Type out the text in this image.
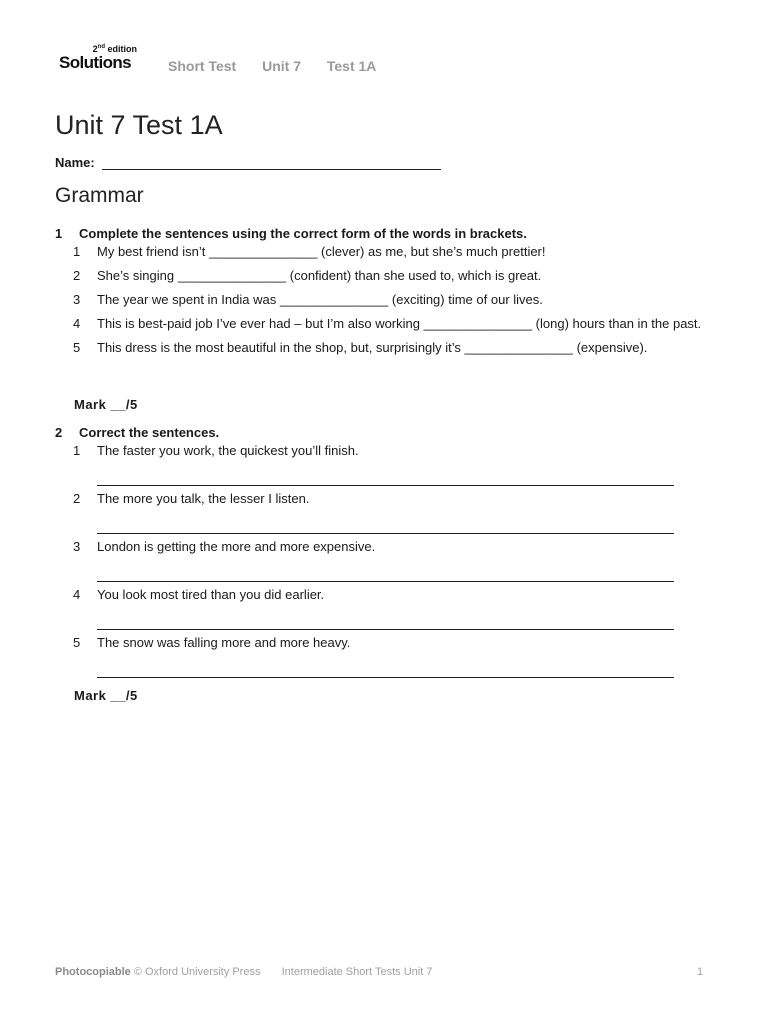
2nd edition
Solutions	Short Test Unit 7 Test 1A
Unit 7 Test 1A
Name:
Grammar
1 Complete the sentences using the correct form of the words in brackets.
1 My best friend isn’t _______________ (clever) as me, but she’s much prettier!
2 She’s singing _______________ (confident) than she used to, which is great.
3 The year we spent in India was _______________ (exciting) time of our lives.
4 This is best-paid job I’ve ever had – but I’m also working _______________ (long) hours than in the past.
5 This dress is the most beautiful in the shop, but, surprisingly it’s _______________ (expensive).
Mark __/5
2 Correct the sentences.
1 The faster you work, the quickest you’ll finish.
2 The more you talk, the lesser I listen.
3 London is getting the more and more expensive.
4 You look most tired than you did earlier.
5 The snow was falling more and more heavy.
Mark __/5
Photocopiable © Oxford University Press Intermediate Short Tests Unit 7	1
